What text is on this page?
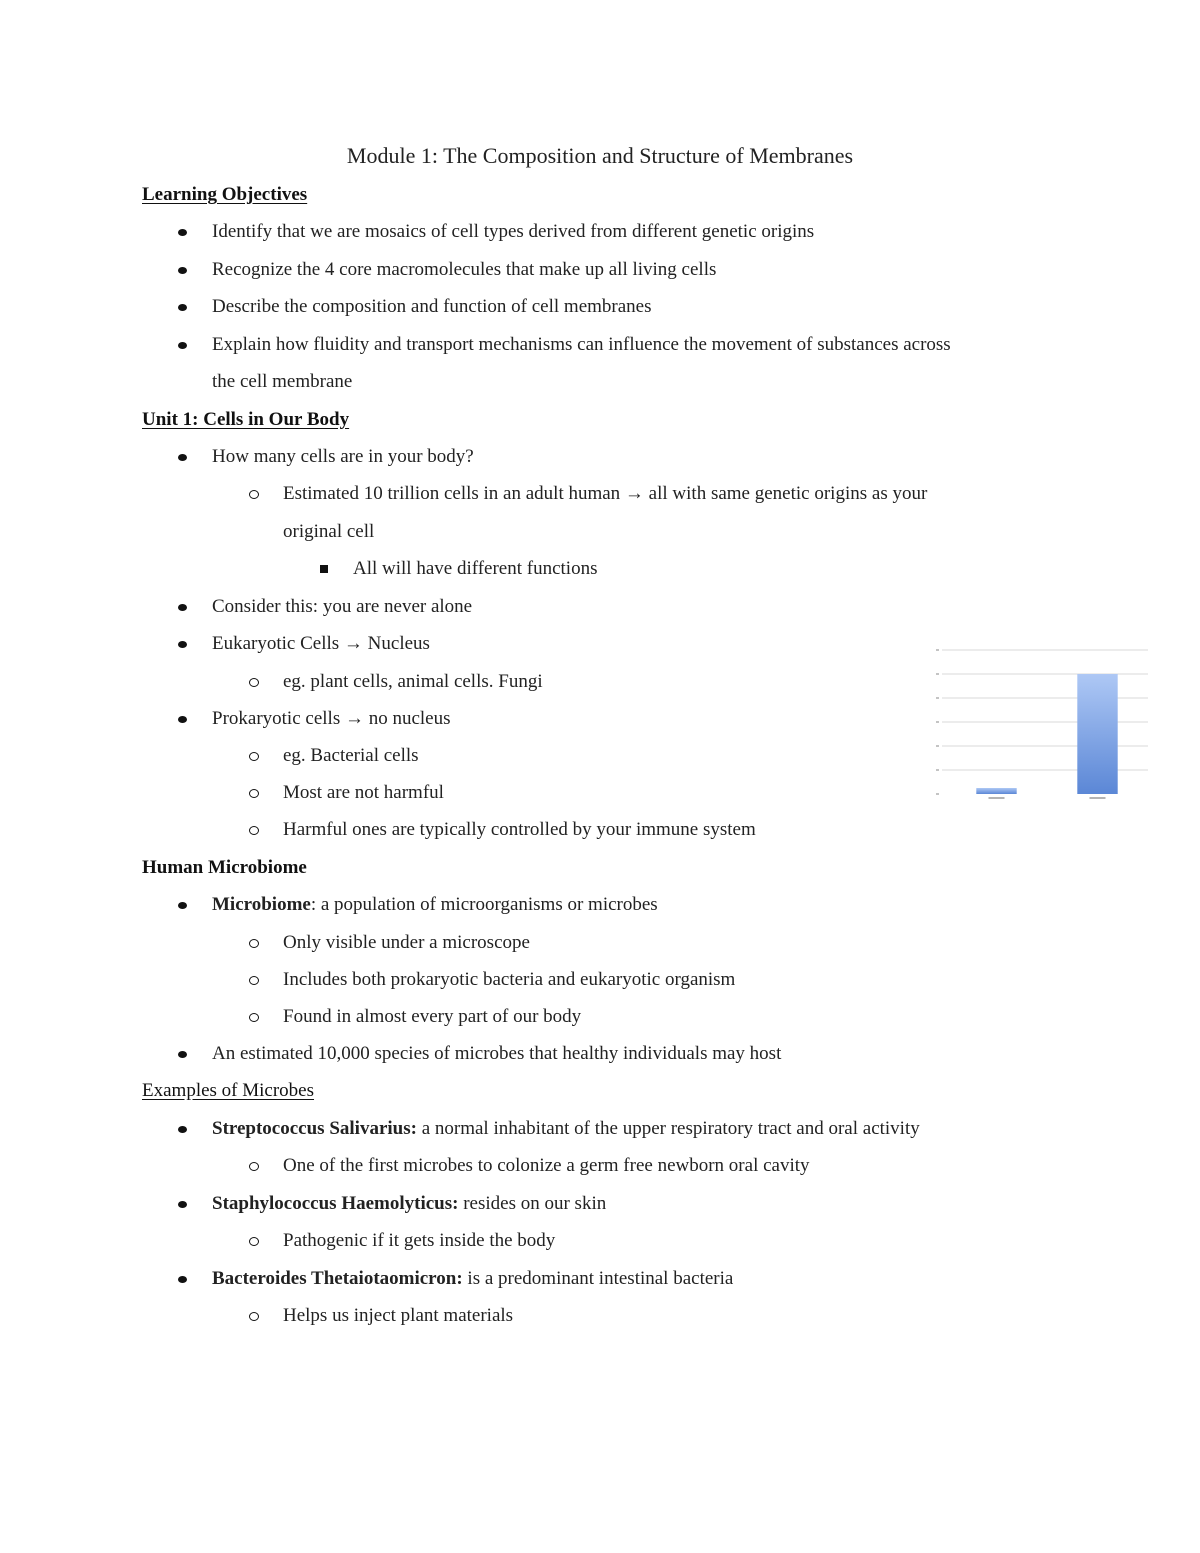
Module 1: The Composition and Structure of Membranes
Learning Objectives
Identify that we are mosaics of cell types derived from different genetic origins
Recognize the 4 core macromolecules that make up all living cells
Describe the composition and function of cell membranes
Explain how fluidity and transport mechanisms can influence the movement of substances across
the cell membrane
Unit 1: Cells in Our Body
How many cells are in your body?
Estimated 10 trillion cells in an adult human → all with same genetic origins as your
original cell
All will have different functions
Consider this: you are never alone
Eukaryotic Cells → Nucleus
eg. plant cells, animal cells. Fungi
Prokaryotic cells → no nucleus
eg. Bacterial cells
Most are not harmful
Harmful ones are typically controlled by your immune system
Human Microbiome
Microbiome: a population of microorganisms or microbes
Only visible under a microscope
Includes both prokaryotic bacteria and eukaryotic organism
Found in almost every part of our body
An estimated 10,000 species of microbes that healthy individuals may host
Examples of Microbes
Streptococcus Salivarius: a normal inhabitant of the upper respiratory tract and oral activity
One of the first microbes to colonize a germ free newborn oral cavity
Staphylococcus Haemolyticus: resides on our skin
Pathogenic if it gets inside the body
Bacteroides Thetaiotaomicron: is a predominant intestinal bacteria
Helps us inject plant materials
